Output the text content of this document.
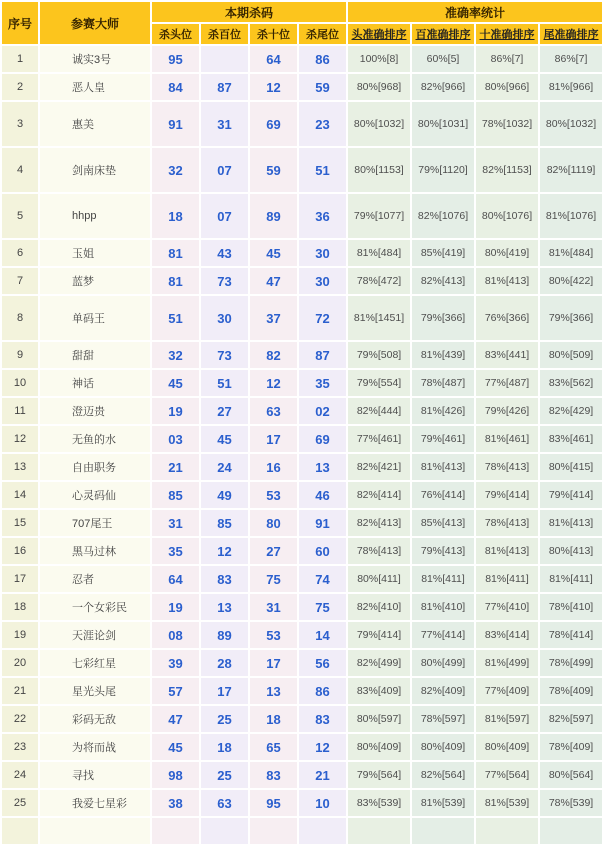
序号	参赛大师	本期杀码				准确率统计			
		杀头位	杀百位	杀十位	杀尾位	头准确排序	百准确排序	十准确排序	尾准确排序
1	诚实3号	95		64	86	100%[8]	60%[5]	86%[7]	86%[7]
2	恶人皇	84	87	12	59	80%[968]	82%[966]	80%[966]	81%[966]
3	惠美	91	31	69	23	80%[1032]	80%[1031]	78%[1032]	80%[1032]
4	剑南床垫	32	07	59	51	80%[1153]	79%[1120]	82%[1153]	82%[1119]
5	hhpp	18	07	89	36	79%[1077]	82%[1076]	80%[1076]	81%[1076]
6	玉姐	81	43	45	30	81%[484]	85%[419]	80%[419]	81%[484]
7	蓝梦	81	73	47	30	78%[472]	82%[413]	81%[413]	80%[422]
8	单码王	51	30	37	72	81%[1451]	79%[366]	76%[366]	79%[366]
9	甜甜	32	73	82	87	79%[508]	81%[439]	83%[441]	80%[509]
10	神话	45	51	12	35	79%[554]	78%[487]	77%[487]	83%[562]
11	澄迈贵	19	27	63	02	82%[444]	81%[426]	79%[426]	82%[429]
12	无鱼的水	03	45	17	69	77%[461]	79%[461]	81%[461]	83%[461]
13	自由职务	21	24	16	13	82%[421]	81%[413]	78%[413]	80%[415]
14	心灵码仙	85	49	53	46	82%[414]	76%[414]	79%[414]	79%[414]
15	707尾王	31	85	80	91	82%[413]	85%[413]	78%[413]	81%[413]
16	黑马过林	35	12	27	60	78%[413]	79%[413]	81%[413]	80%[413]
17	忍者	64	83	75	74	80%[411]	81%[411]	81%[411]	81%[411]
18	一个女彩民	19	13	31	75	82%[410]	81%[410]	77%[410]	78%[410]
19	天涯论剑	08	89	53	14	79%[414]	77%[414]	83%[414]	78%[414]
20	七彩红星	39	28	17	56	82%[499]	80%[499]	81%[499]	78%[499]
21	星光头尾	57	17	13	86	83%[409]	82%[409]	77%[409]	78%[409]
22	彩码无敌	47	25	18	83	80%[597]	78%[597]	81%[597]	82%[597]
23	为将而战	45	18	65	12	80%[409]	80%[409]	80%[409]	78%[409]
24	寻找	98	25	83	21	79%[564]	82%[564]	77%[564]	80%[564]
25	我爱七星彩	38	63	95	10	83%[539]	81%[539]	81%[539]	78%[539]
